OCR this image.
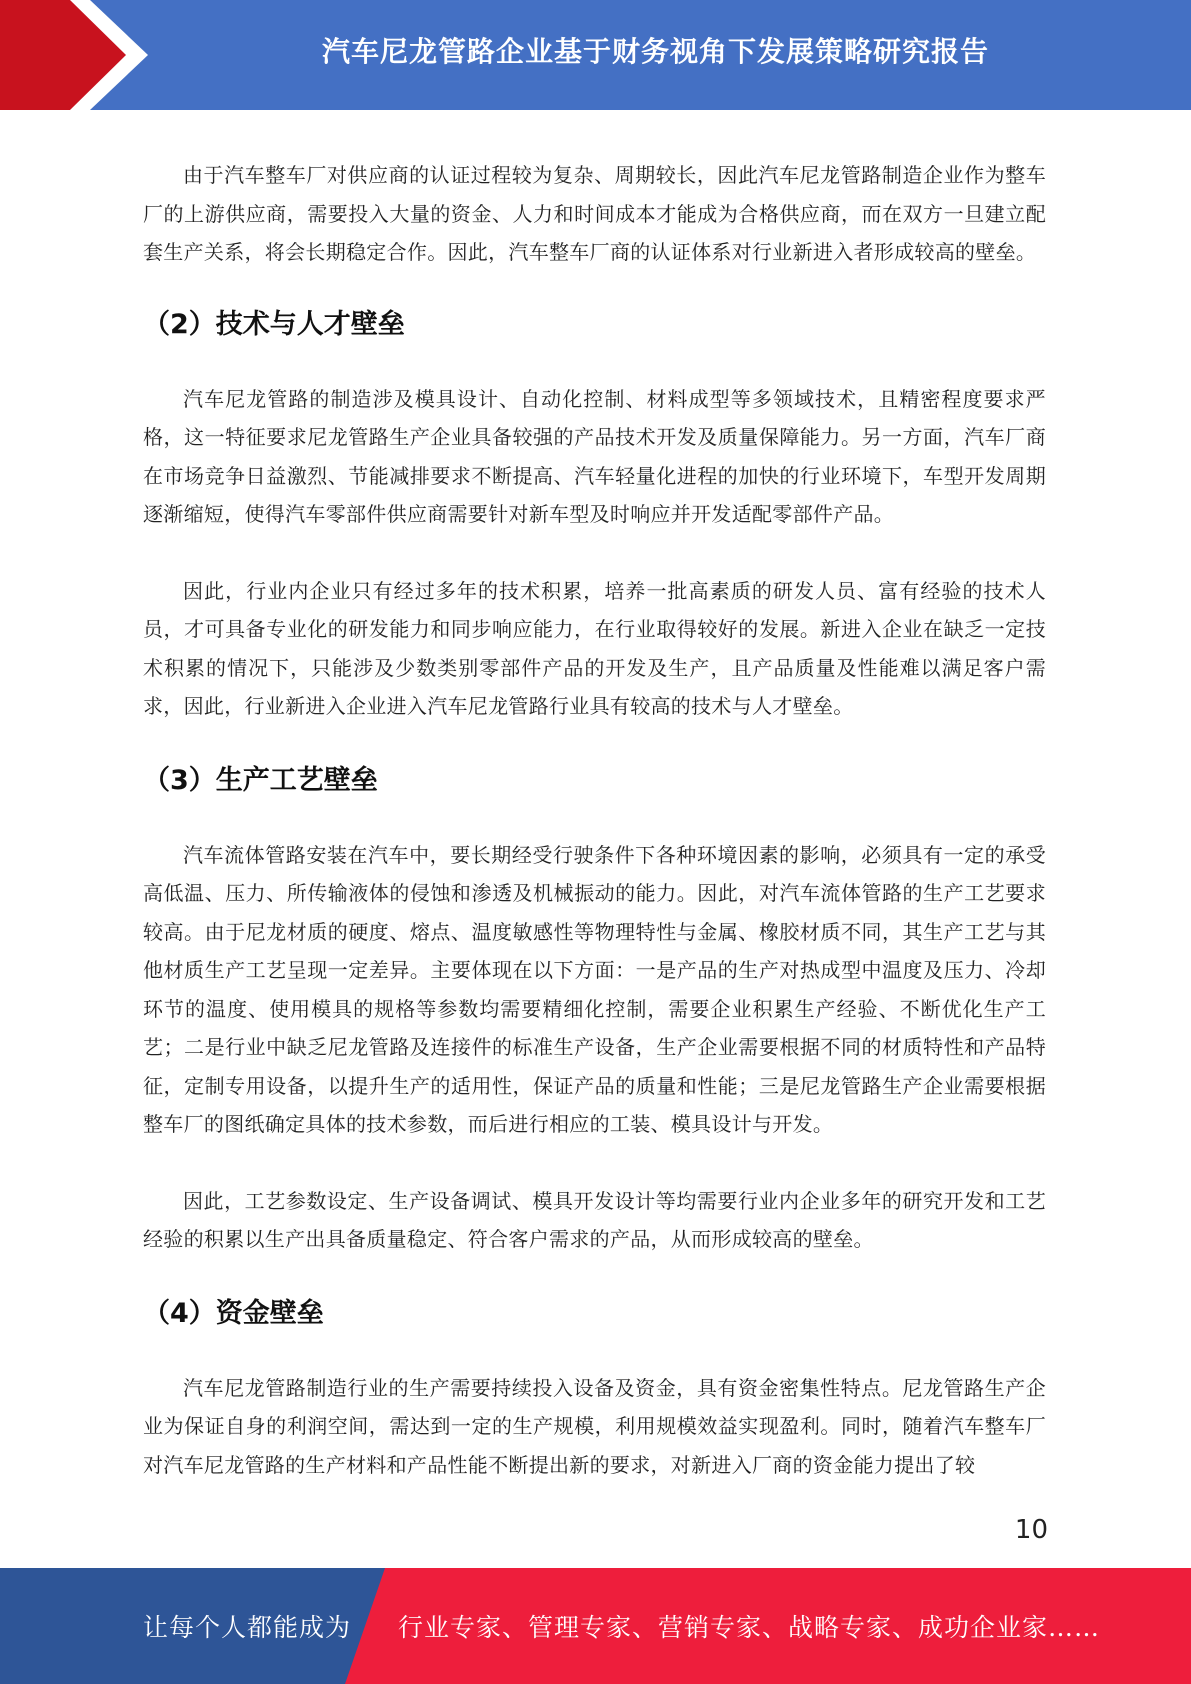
汽车尼龙管路企业基于财务视角下发展策略研究报告

由于汽车整车厂对供应商的认证过程较为复杂、周期较长，因此汽车尼龙管路制造企业作为整车厂的上游供应商，需要投入大量的资金、人力和时间成本才能成为合格供应商，而在双方一旦建立配套生产关系，将会长期稳定合作。因此，汽车整车厂商的认证体系对行业新进入者形成较高的壁垒。

（2）技术与人才壁垒

汽车尼龙管路的制造涉及模具设计、自动化控制、材料成型等多领域技术，且精密程度要求严格，这一特征要求尼龙管路生产企业具备较强的产品技术开发及质量保障能力。另一方面，汽车厂商在市场竞争日益激烈、节能减排要求不断提高、汽车轻量化进程的加快的行业环境下，车型开发周期逐渐缩短，使得汽车零部件供应商需要针对新车型及时响应并开发适配零部件产品。

因此，行业内企业只有经过多年的技术积累，培养一批高素质的研发人员、富有经验的技术人员，才可具备专业化的研发能力和同步响应能力，在行业取得较好的发展。新进入企业在缺乏一定技术积累的情况下，只能涉及少数类别零部件产品的开发及生产，且产品质量及性能难以满足客户需求，因此，行业新进入企业进入汽车尼龙管路行业具有较高的技术与人才壁垒。

（3）生产工艺壁垒

汽车流体管路安装在汽车中，要长期经受行驶条件下各种环境因素的影响，必须具有一定的承受高低温、压力、所传输液体的侵蚀和渗透及机械振动的能力。因此，对汽车流体管路的生产工艺要求较高。由于尼龙材质的硬度、熔点、温度敏感性等物理特性与金属、橡胶材质不同，其生产工艺与其他材质生产工艺呈现一定差异。主要体现在以下方面：一是产品的生产对热成型中温度及压力、冷却环节的温度、使用模具的规格等参数均需要精细化控制，需要企业积累生产经验、不断优化生产工艺；二是行业中缺乏尼龙管路及连接件的标准生产设备，生产企业需要根据不同的材质特性和产品特征，定制专用设备，以提升生产的适用性，保证产品的质量和性能；三是尼龙管路生产企业需要根据整车厂的图纸确定具体的技术参数，而后进行相应的工装、模具设计与开发。

因此，工艺参数设定、生产设备调试、模具开发设计等均需要行业内企业多年的研究开发和工艺经验的积累以生产出具备质量稳定、符合客户需求的产品，从而形成较高的壁垒。

（4）资金壁垒

汽车尼龙管路制造行业的生产需要持续投入设备及资金，具有资金密集性特点。尼龙管路生产企业为保证自身的利润空间，需达到一定的生产规模，利用规模效益实现盈利。同时，随着汽车整车厂对汽车尼龙管路的生产材料和产品性能不断提出新的要求，对新进入厂商的资金能力提出了较

10
让每个人都能成为 行业专家、管理专家、营销专家、战略专家、成功企业家……
